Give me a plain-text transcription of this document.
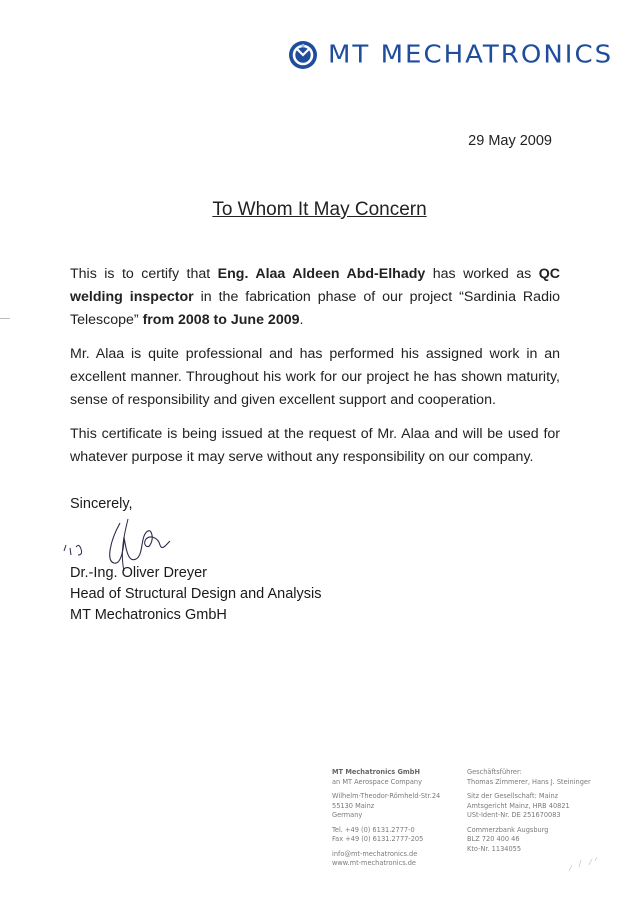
MT MECHATRONICS
29 May 2009
To Whom It May Concern

This is to certify that Eng. Alaa Aldeen Abd-Elhady has worked as QC welding inspector in the fabrication phase of our project “Sardinia Radio Telescope” from 2008 to June 2009.

Mr. Alaa is quite professional and has performed his assigned work in an excellent manner. Throughout his work for our project he has shown maturity, sense of responsibility and given excellent support and cooperation.

This certificate is being issued at the request of Mr. Alaa and will be used for whatever purpose it may serve without any responsibility on our company.

Sincerely,
Dr.-Ing. Oliver Dreyer
Head of Structural Design and Analysis
MT Mechatronics GmbH
MT Mechatronics GmbH
an MT Aerospace Company
Wilhelm-Theodor-Römheld-Str.24
55130 Mainz
Germany
Tel. +49 (0) 6131.2777-0
Fax +49 (0) 6131.2777-205
info@mt-mechatronics.de
www.mt-mechatronics.de
Geschäftsführer:
Thomas Zimmerer, Hans J. Steininger
Sitz der Gesellschaft: Mainz
Amtsgericht Mainz, HRB 40821
USt-Ident-Nr. DE 251670083
Commerzbank Augsburg
BLZ 720 400 46
Kto-Nr. 1134055
